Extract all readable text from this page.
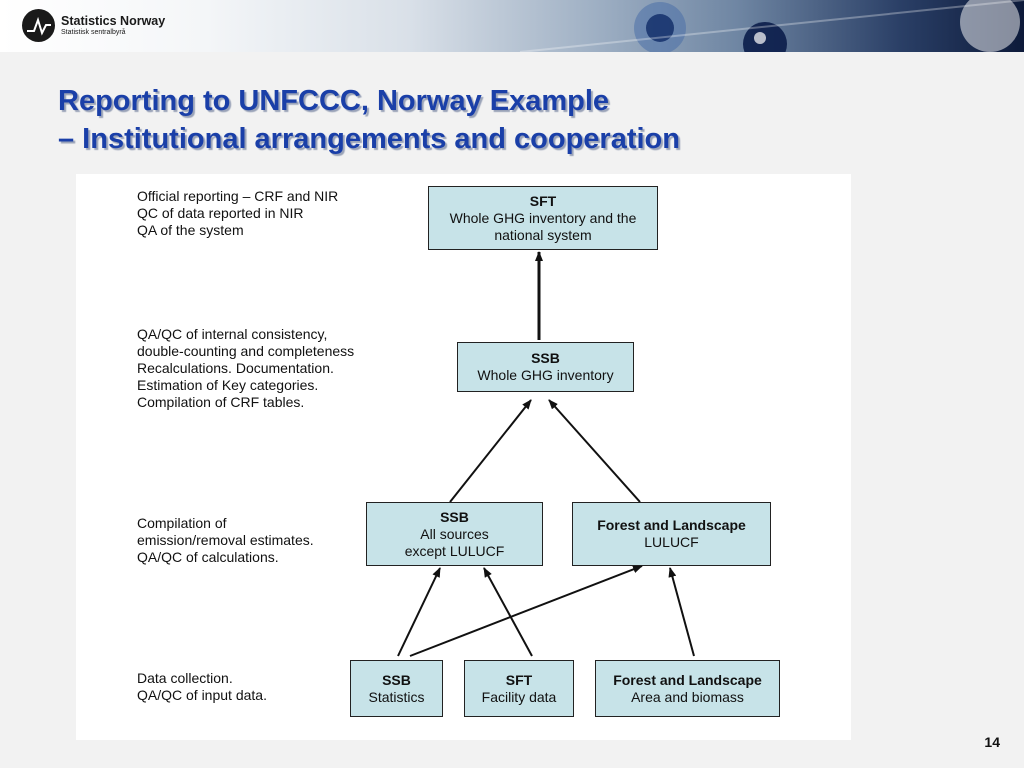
Statistics Norway
Statistisk sentralbyrå
Reporting to UNFCCC, Norway Example
– Institutional arrangements and cooperation
Official reporting – CRF and NIR
QC of data reported in NIR
QA of the system
QA/QC of internal consistency,
double-counting and completeness
Recalculations. Documentation.
Estimation of Key categories.
Compilation of CRF tables.
Compilation of
emission/removal estimates.
QA/QC of calculations.
Data collection.
QA/QC of input data.
SFT
Whole GHG inventory and the
national system
SSB
Whole GHG inventory
SSB
All sources
except LULUCF
Forest and Landscape
LULUCF
SSB
Statistics
SFT
Facility data
Forest and Landscape
Area and biomass
14
